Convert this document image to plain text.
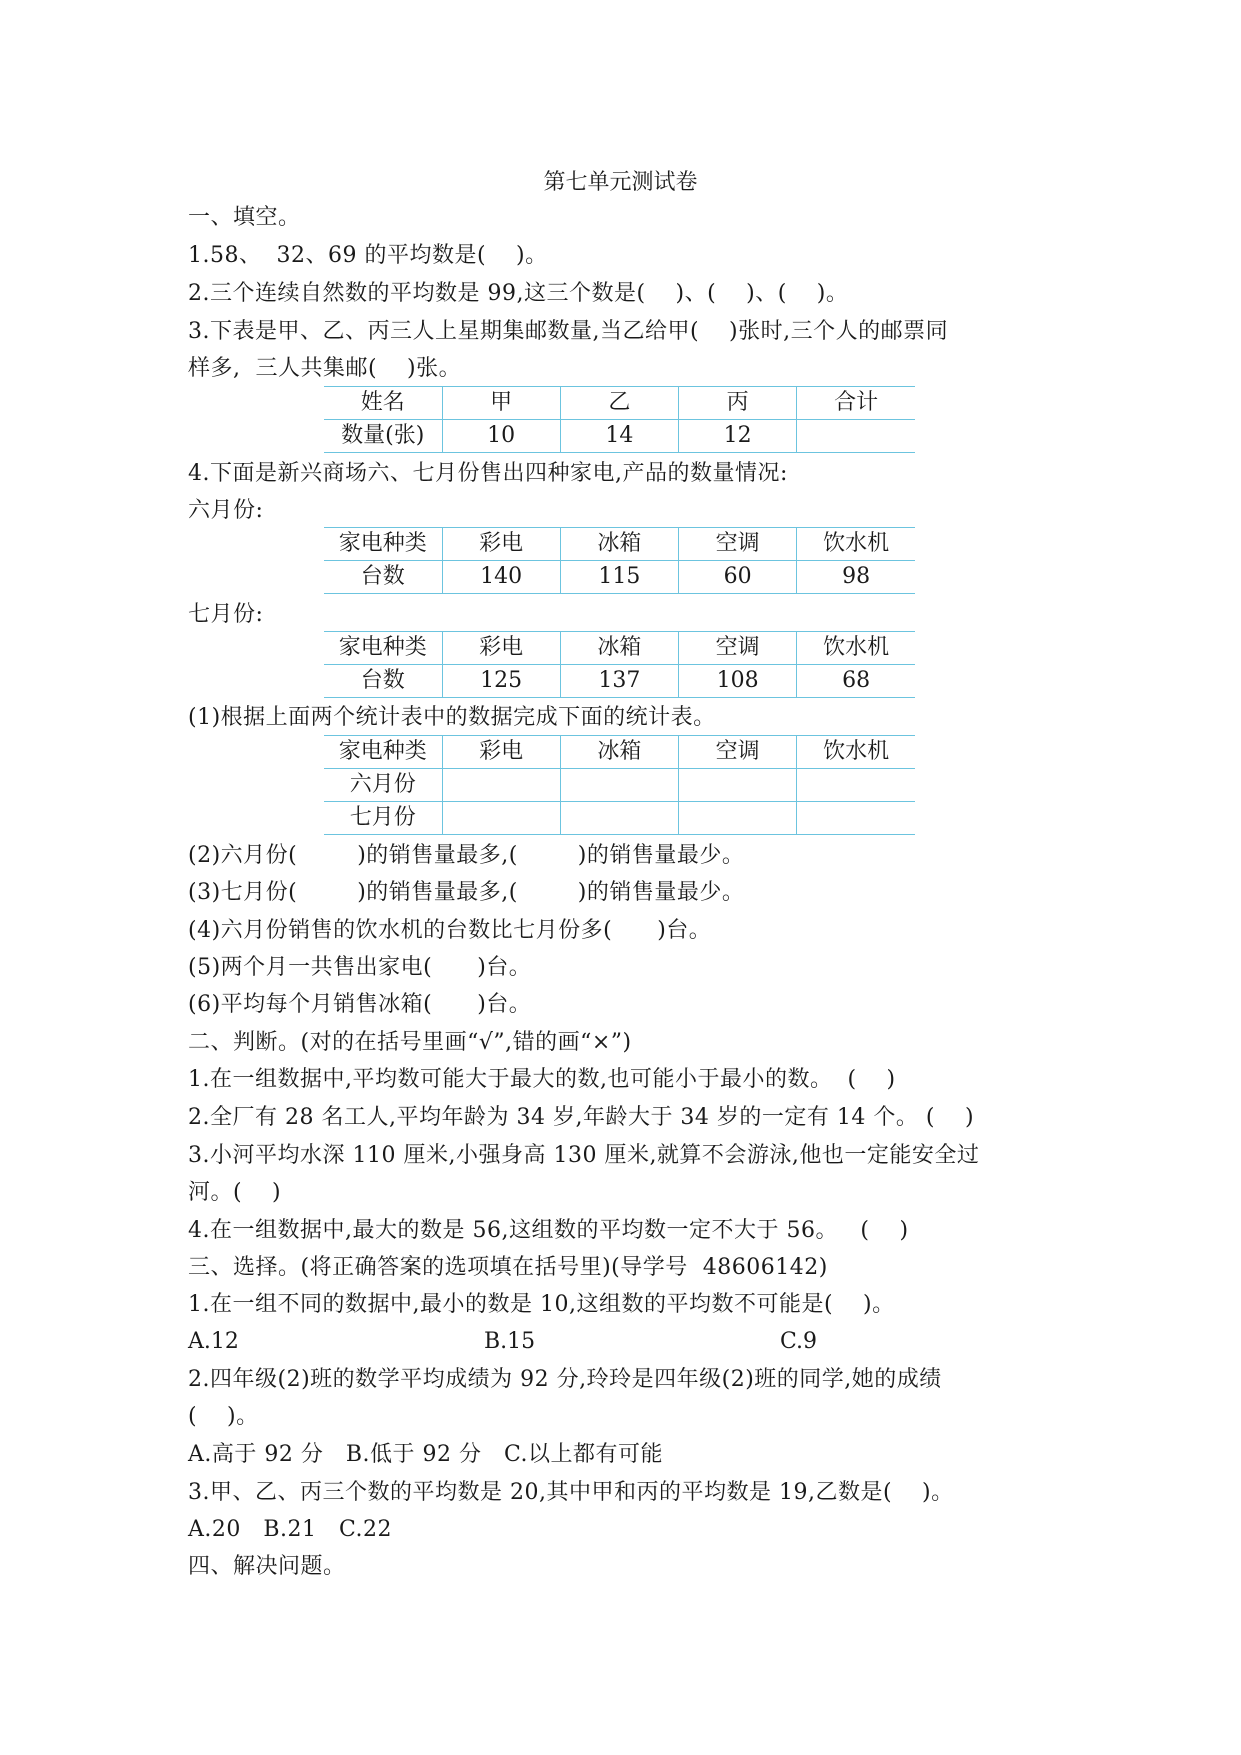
第七单元测试卷
一、填空。
1.58、  32、69 的平均数是(    )。
2.三个连续自然数的平均数是 99,这三个数是(    )、(    )、(    )。
3.下表是甲、乙、丙三人上星期集邮数量,当乙给甲(    )张时,三个人的邮票同
样多,  三人共集邮(    )张。
姓名	甲	乙	丙	合计
数量(张)	10	14	12	
4.下面是新兴商场六、七月份售出四种家电,产品的数量情况:
六月份:
家电种类	彩电	冰箱	空调	饮水机
台数	140	115	60	98
七月份:
家电种类	彩电	冰箱	空调	饮水机
台数	125	137	108	68
(1)根据上面两个统计表中的数据完成下面的统计表。
家电种类	彩电	冰箱	空调	饮水机
六月份				
七月份				
(2)六月份(        )的销售量最多,(        )的销售量最少。
(3)七月份(        )的销售量最多,(        )的销售量最少。
(4)六月份销售的饮水机的台数比七月份多(      )台。
(5)两个月一共售出家电(      )台。
(6)平均每个月销售冰箱(      )台。
二、判断。(对的在括号里画“√”,错的画“×”)
1.在一组数据中,平均数可能大于最大的数,也可能小于最小的数。  (    )
2.全厂有 28 名工人,平均年龄为 34 岁,年龄大于 34 岁的一定有 14 个。 (    )
3.小河平均水深 110 厘米,小强身高 130 厘米,就算不会游泳,他也一定能安全过
河。(    )
4.在一组数据中,最大的数是 56,这组数的平均数一定不大于 56。   (    )
三、选择。(将正确答案的选项填在括号里)(导学号  48606142)
1.在一组不同的数据中,最小的数是 10,这组数的平均数不可能是(    )。
A.12	B.15	C.9
2.四年级(2)班的数学平均成绩为 92 分,玲玲是四年级(2)班的同学,她的成绩
(    )。
A.高于 92 分   B.低于 92 分   C.以上都有可能
3.甲、乙、丙三个数的平均数是 20,其中甲和丙的平均数是 19,乙数是(    )。
A.20   B.21   C.22
四、解决问题。
